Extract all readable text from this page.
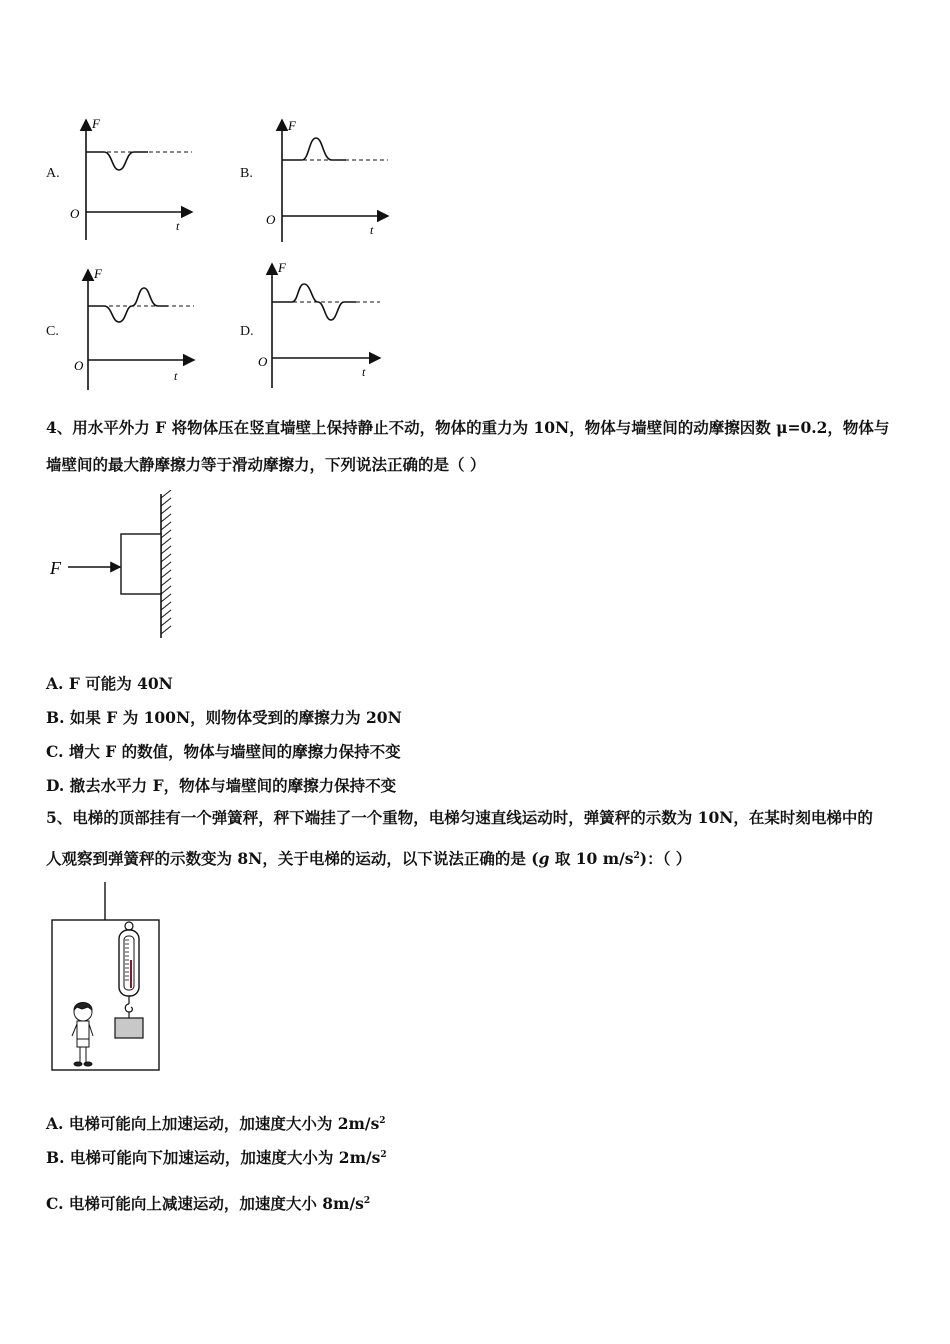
A.	B.
C.	D.
F
O
t
F
O
t
F
O
t
F
O
t
4、用水平外力 F 将物体压在竖直墙壁上保持静止不动，物体的重力为 10N，物体与墙壁间的动摩擦因数 μ=0.2，物体与
墙壁间的最大静摩擦力等于滑动摩擦力，下列说法正确的是（ ）
F
A. F 可能为 40N
B. 如果 F 为 100N，则物体受到的摩擦力为 20N
C. 增大 F 的数值，物体与墙壁间的摩擦力保持不变
D. 撤去水平力 F，物体与墙壁间的摩擦力保持不变
5、电梯的顶部挂有一个弹簧秤，秤下端挂了一个重物，电梯匀速直线运动时，弹簧秤的示数为 10N，在某时刻电梯中的
人观察到弹簧秤的示数变为 8N，关于电梯的运动，以下说法正确的是 (g 取 10 $m/s^2$)：（ ）
A. 电梯可能向上加速运动，加速度大小为 $2m/s^2$
B. 电梯可能向下加速运动，加速度大小为 $2m/s^2$
C. 电梯可能向上减速运动，加速度大小 $8m/s^2$
